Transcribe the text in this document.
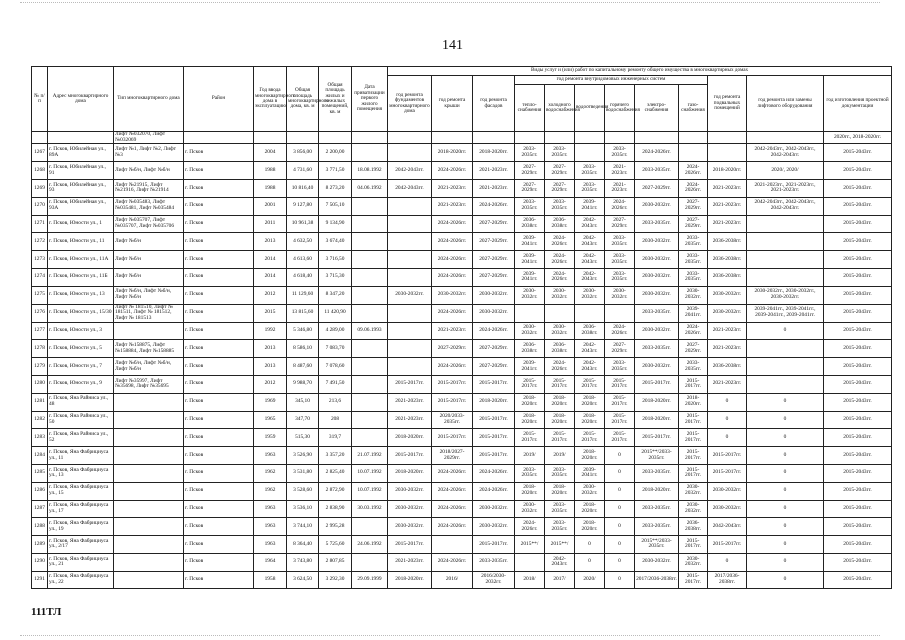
141
№ п/п	Адрес многоквартирного дома	Тип многоквартирного дома	Район	Год ввода многоквартирного дома в эксплуатацию	Общая площадь многоквартирного дома, кв. м	Общая площадь жилых и нежилых помещений, кв. м	Дата приватизации первого жилого помещения	Виды услуг и (или) работ по капитальному ремонту общего имущества в многоквартирных домах											
								год ремонта фундаментов многоквартирного дома	год ремонта крыши	год ремонта фасадов	год ремонта внутридомовых инженерных систем						год ремонта подвальных помещений	год ремонта или замены лифтового оборудования	год изготовления проектной документации
											тепло-снабжения	холодного водоснабжения	водоотведения	горячего водоснабжения	электро-снабжения	газо-снабжения			
		Лифт №032070, Лифт №032069																	2020гг., 2018-2020гг.
1267	г. Псков, Юбилейная ул., 89А	Лифт №1, Лифт №2, Лифт №3	г. Псков	2004	3 856,00	2 200,00			2018-2020гг.	2018-2020гг.	2033-2035гг.	2033-2035гг.		2033-2035гг.	2024-2026гг.			2042-2043гг., 2042-2043гг., 2042-2043гг.	2015-2043гг.
1268	г. Псков, Юбилейная ул., 91	Лифт №б/н, Лифт №б/н	г. Псков	1988	4 731,60	3 771,50	18.08.1992	2042-2043гг.	2024-2026гг.	2021-2023гг.	2027-2029гг.	2027-2029гг.	2033-2035гг.	2021-2023гг.	2033-2035гг.	2024-2026гг.	2018-2020гг.	2020/, 2020/	2015-2043гг.
1269	г. Псков, Юбилейная ул., 93	Лифт №21915, Лифт №21916, Лифт №21914	г. Псков	1988	10 816,40	8 273,20	04.06.1992	2042-2043гг.	2021-2023гг.	2021-2023гг.	2027-2029гг.	2027-2029гг.	2033-2035гг.	2021-2023гг.	2027-2029гг.	2024-2026гг.	2021-2023гг.	2021-2023гг., 2021-2023гг., 2021-2023гг.	2015-2043гг.
1270	г. Псков, Юбилейная ул., 93А	Лифт №035483, Лифт №035481, Лифт №035484	г. Псков	2001	9 127,80	7 505,10			2021-2023гг.	2024-2026гг.	2033-2035гг.	2033-2035гг.	2039-2041гг.	2024-2026гг.	2030-2032гг.	2027-2029гг.	2021-2023гг.	2042-2043гг., 2042-2043гг., 2042-2043гг.	2015-2043гг.
1271	г. Псков, Юности ул., 1	Лифт №035707, Лифт №035707, Лифт №035706	г. Псков	2011	10 961,38	9 134,90			2024-2026гг.	2027-2029гг.	2036-2038гг.	2036-2038гг.	2042-2043гг.	2027-2029гг.	2033-2035гг.	2027-2029гг.	2021-2023гг.		2015-2043гг.
1272	г. Псков, Юности ул., 11	Лифт №б/н	г. Псков	2013	4 632,50	3 674,40			2024-2026гг.	2027-2029гг.	2039-2041гг.	2024-2026гг.	2042-2043гг.	2033-2035гг.	2030-2032гг.	2033-2035гг.	2036-2038гг.		2015-2043гг.
1273	г. Псков, Юности ул., 11А	Лифт №б/н	г. Псков	2014	4 613,60	3 716,50			2024-2026гг.	2027-2029гг.	2039-2041гг.	2024-2026гг.	2042-2043гг.	2033-2035гг.	2030-2032гг.	2033-2035гг.	2036-2038гг.		2015-2043гг.
1274	г. Псков, Юности ул., 11Б	Лифт №б/н	г. Псков	2014	4 618,40	3 715,30			2024-2026гг.	2027-2029гг.	2039-2041гг.	2024-2026гг.	2042-2043гг.	2033-2035гг.	2030-2032гг.	2033-2035гг.	2036-2038гг.		2015-2043гг.
1275	г. Псков, Юности ул., 13	Лифт №б/н, Лифт №б/н, Лифт №б/н	г. Псков	2012	11 129,60	8 347,20		2030-2032гг.	2030-2032гг.	2030-2032гг.	2030-2032гг.	2030-2032гг.	2030-2032гг.	2030-2032гг.	2030-2032гг.	2030-2032гг.	2030-2032гг.	2030-2032гг., 2030-2032гг., 2030-2032гг.	2015-2043гг.
1276	г. Псков, Юности ул., 15/30	Лифт № 181510, Лифт № 181511, Лифт № 181512, Лифт № 181513	г. Псков	2015	13 815,60	11 420,90			2024-2026гг.	2030-2032гг.					2033-2035гг.	2039-2041гг.	2030-2032гг.	2039-2041гг., 2039-2041гг., 2039-2041гг., 2039-2041гг.	2015-2043гг.
1277	г. Псков, Юности ул., 3		г. Псков	1992	5 346,80	4 289,00	09.06.1993		2021-2023гг.	2024-2026гг.	2030-2032гг.	2030-2032гг.	2036-2038гг.	2024-2026гг.	2030-2032гг.	2024-2026гг.	2021-2023гг.	0	2015-2043гг.
1278	г. Псков, Юности ул., 5	Лифт №158875, Лифт №158884, Лифт №158885	г. Псков	2013	8 586,10	7 083,70			2027-2029гг.	2027-2029гг.	2036-2038гг.	2036-2038гг.	2042-2043гг.	2027-2029гг.	2033-2035гг.	2027-2029гг.	2021-2023гг.		2015-2043гг.
1279	г. Псков, Юности ул., 7	Лифт №б/н, Лифт №б/н, Лифт №б/н	г. Псков	2013	8 487,60	7 078,60			2024-2026гг.	2027-2029гг.	2039-2041гг.	2024-2026гг.	2042-2043гг.	2033-2035гг.	2030-2032гг.	2033-2035гг.	2036-2038гг.		2015-2043гг.
1280	г. Псков, Юности ул., 9	Лифт №35997, Лифт №35698, Лифт №35695	г. Псков	2012	9 988,70	7 491,50		2015-2017гг.	2015-2017гг.	2015-2017гг.	2015-2017гг.	2015-2017гг.	2015-2017гг.	2015-2017гг.	2015-2017гг.	2015-2017гг.	2021-2023гг.		2015-2043гг.
1281	г. Псков, Яна Райниса ул., 48		г. Псков	1969	345,10	213,6		2021-2023гг.	2015-2017гг.	2018-2020гг.	2018-2020гг.	2018-2020гг.	2018-2020гг.	2015-2017гг.	2018-2020гг.	2018-2020гг.	0	0	2015-2043гг.
1282	г. Псков, Яна Райниса ул., 50		г. Псков	1965	347,70	208		2021-2023гг.	2020/2033-2035гг.	2015-2017гг.	2018-2020гг.	2018-2020гг.	2018-2020гг.	2015-2017гг.	2018-2020гг.	2015-2017гг.	0	0	2015-2043гг.
1283	г. Псков, Яна Райниса ул., 52		г. Псков	1959	515,30	319,7		2018-2020гг.	2015-2017гг.	2015-2017гг.	2015-2017гг.	2015-2017гг.	2015-2017гг.	2015-2017гг.	2015-2017гг.	2015-2017гг.	0	0	2015-2043гг.
1284	г. Псков, Яна Фабрициуса ул., 11		г. Псков	1963	3 526,90	3 357,20	21.07.1992	2015-2017гг.	2018/2027-2029гг.	2015-2017гг.	2019/	2019/	2018-2020гг.	0	2015**/2033-2035гг.	2015-2017гг.	2015-2017гг.	0	2015-2043гг.
1285	г. Псков, Яна Фабрициуса ул., 13		г. Псков	1962	3 531,80	2 825,40	10.07.1992	2018-2020гг.	2024-2026гг.	2024-2026гг.	2033-2035гг.	2033-2035гг.	2039-2041гг.	0	2033-2035гг.	2015-2017гг.	2015-2017гг.	0	2015-2043гг.
1286	г. Псков, Яна Фабрициуса ул., 15		г. Псков	1962	3 528,60	2 872,90	10.07.1992	2030-2032гг.	2024-2026гг.	2024-2026гг.	2018-2020гг.	2018-2020гг.	2030-2032гг.	0	2018-2020гг.	2030-2032гг.	2030-2032гг.	0	2015-2043гг.
1287	г. Псков, Яна Фабрициуса ул., 17		г. Псков	1963	3 536,10	2 838,90	30.03.1992	2030-2032гг.	2024-2026гг.	2030-2032гг.	2030-2032гг.	2033-2035гг.	2018-2020гг.	0	2033-2035гг.	2030-2032гг.	2030-2032гг.	0	2015-2043гг.
1288	г. Псков, Яна Фабрициуса ул., 19		г. Псков	1963	3 744,10	2 995,28		2030-2032гг.	2024-2026гг.	2030-2032гг.	2024-2026гг.	2033-2035гг.	2018-2020гг.	0	2033-2035гг.	2036-2038гг.	2042-2043гг.	0	2015-2043гг.
1289	г. Псков, Яна Фабрициуса ул., 2/17		г. Псков	1963	8 364,40	5 725,60	24.06.1992	2015-2017гг.		2015-2017гг.	2015**/	2015**/	0	0	2015**/2033-2035гг.	2015-2017гг.	2015-2017гг.	0	2015-2043гг.
1290	г. Псков, Яна Фабрициуса ул., 21		г. Псков	1964	3 743,80	2 807,85		2021-2023гг.	2024-2026гг.	2033-2035гг.		2042-2043гг.	0	0	2030-2032гг.	2030-2032гг.	0	0	2015-2043гг.
1291	г. Псков, Яна Фабрициуса ул., 22		г. Псков	1958	3 624,50	3 292,30	29.09.1999	2018-2020гг.	2016/	2016/2030-2032гг.	2018/	2017/	2020/	0	2017/2036-2038гг.	2015-2017гг.	2017/2036-2038гг.	0	2015-2043гг.
111ТЛ
